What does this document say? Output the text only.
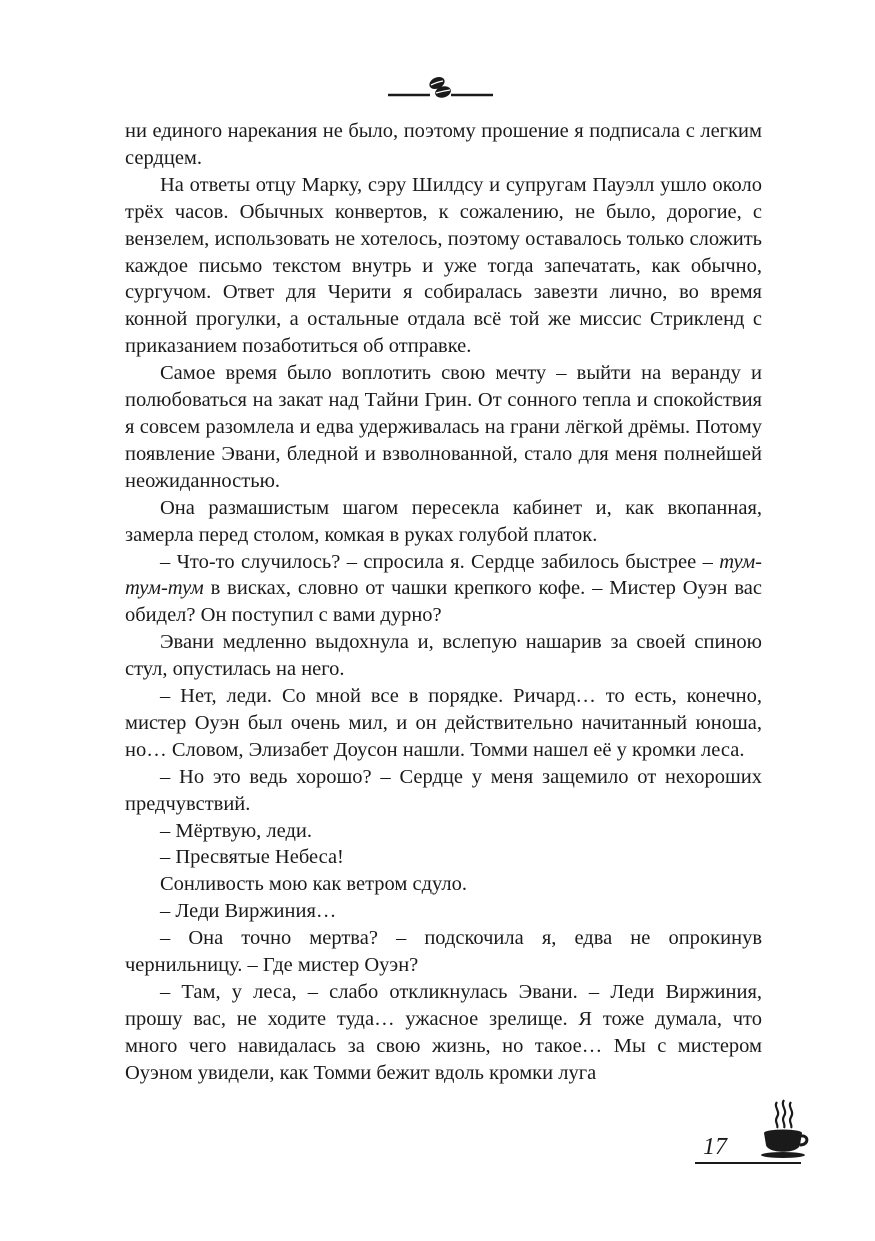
ни единого нарекания не было, поэтому прошение я подписала с легким сердцем.

На ответы отцу Марку, сэру Шилдсу и супругам Пауэлл ушло около трёх часов. Обычных конвертов, к сожалению, не было, дорогие, с вензелем, использовать не хотелось, поэтому оставалось только сложить каждое письмо текстом внутрь и уже тогда запечатать, как обычно, сургучом. Ответ для Черити я собиралась завезти лично, во время конной прогулки, а остальные отдала всё той же миссис Стрикленд с приказанием позаботиться об отправке.

Самое время было воплотить свою мечту – выйти на веранду и полюбоваться на закат над Тайни Грин. От сонного тепла и спокойствия я совсем разомлела и едва удерживалась на грани лёгкой дрёмы. Потому появление Эвани, бледной и взволнованной, стало для меня полнейшей неожиданностью.

Она размашистым шагом пересекла кабинет и, как вкопанная, замерла перед столом, комкая в руках голубой платок.

– Что-то случилось? – спросила я. Сердце забилось быстрее – тум-тум-тум в висках, словно от чашки крепкого кофе. – Мистер Оуэн вас обидел? Он поступил с вами дурно?

Эвани медленно выдохнула и, вслепую нашарив за своей спиною стул, опустилась на него.

– Нет, леди. Со мной все в порядке. Ричард… то есть, конечно, мистер Оуэн был очень мил, и он действительно начитанный юноша, но… Словом, Элизабет Доусон нашли. Томми нашел её у кромки леса.

– Но это ведь хорошо? – Сердце у меня защемило от нехороших предчувствий.

– Мёртвую, леди.

– Пресвятые Небеса!

Сонливость мою как ветром сдуло.

– Леди Виржиния…

– Она точно мертва? – подскочила я, едва не опрокинув чернильницу. – Где мистер Оуэн?

– Там, у леса, – слабо откликнулась Эвани. – Леди Виржиния, прошу вас, не ходите туда… ужасное зрелище. Я тоже думала, что много чего навидалась за свою жизнь, но такое… Мы с мистером Оуэном увидели, как Томми бежит вдоль кромки луга

17
